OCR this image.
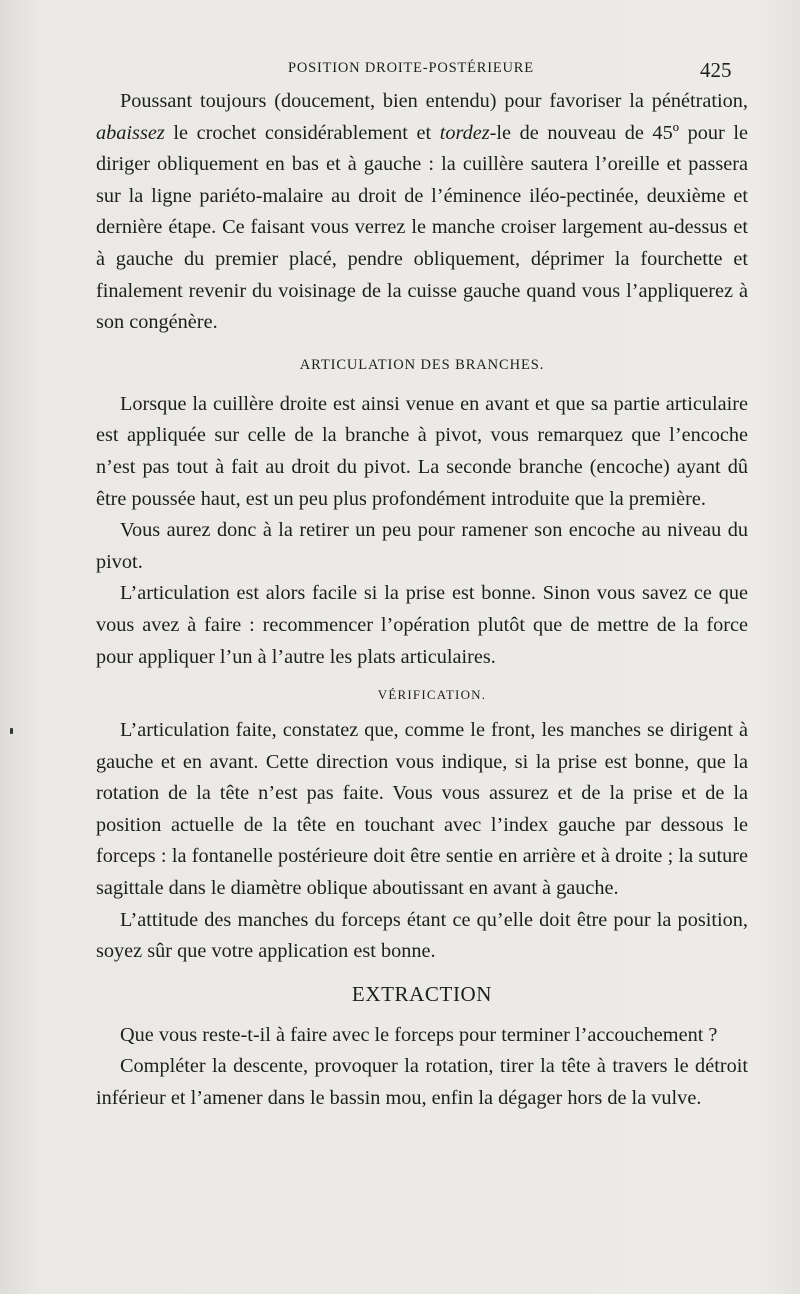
POSITION DROITE-POSTÉRIEURE	425

Poussant toujours (doucement, bien entendu) pour favoriser la pénétration, abaissez le crochet considérablement et tordez-le de nouveau de 45º pour le diriger obliquement en bas et à gauche : la cuillère sautera l’oreille et passera sur la ligne pariéto-malaire au droit de l’éminence iléo-pectinée, deuxième et dernière étape. Ce faisant vous verrez le manche croiser largement au-dessus et à gauche du premier placé, pendre obliquement, déprimer la fourchette et finalement revenir du voisinage de la cuisse gauche quand vous l’appliquerez à son congénère.

ARTICULATION DES BRANCHES.

Lorsque la cuillère droite est ainsi venue en avant et que sa partie articulaire est appliquée sur celle de la branche à pivot, vous remarquez que l’encoche n’est pas tout à fait au droit du pivot. La seconde branche (encoche) ayant dû être poussée haut, est un peu plus profondément introduite que la première.

Vous aurez donc à la retirer un peu pour ramener son encoche au niveau du pivot.

L’articulation est alors facile si la prise est bonne. Sinon vous savez ce que vous avez à faire : recommencer l’opération plutôt que de mettre de la force pour appliquer l’un à l’autre les plats articulaires.

VÉRIFICATION.

L’articulation faite, constatez que, comme le front, les manches se dirigent à gauche et en avant. Cette direction vous indique, si la prise est bonne, que la rotation de la tête n’est pas faite. Vous vous assurez et de la prise et de la position actuelle de la tête en touchant avec l’index gauche par dessous le forceps : la fontanelle postérieure doit être sentie en arrière et à droite ; la suture sagittale dans le diamètre oblique aboutissant en avant à gauche.

L’attitude des manches du forceps étant ce qu’elle doit être pour la position, soyez sûr que votre application est bonne.

EXTRACTION

Que vous reste-t-il à faire avec le forceps pour terminer l’accouchement ?

Compléter la descente, provoquer la rotation, tirer la tête à travers le détroit inférieur et l’amener dans le bassin mou, enfin la dégager hors de la vulve.
